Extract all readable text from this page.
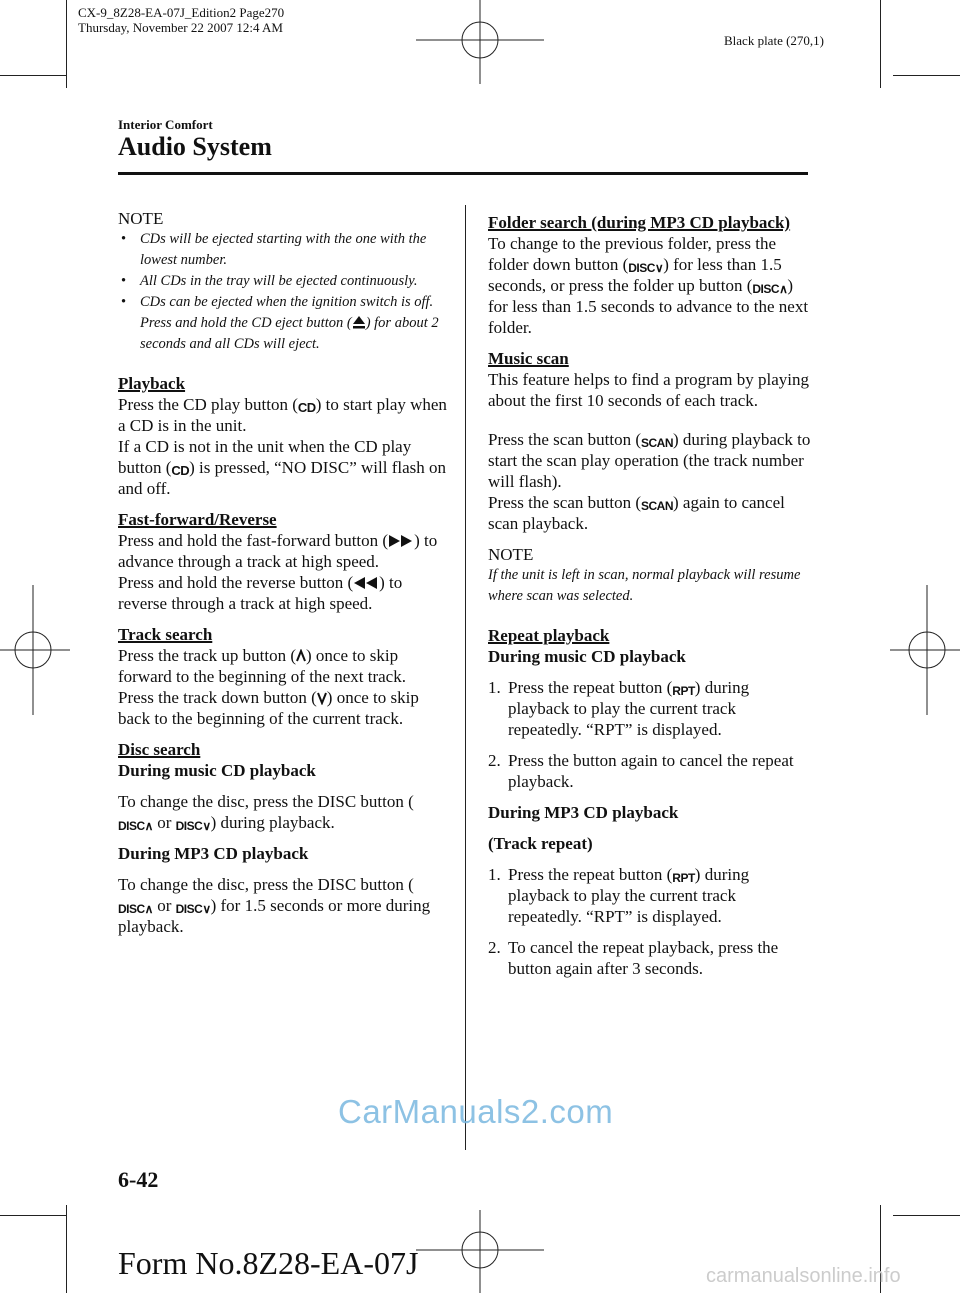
CX-9_8Z28-EA-07J_Edition2 Page270
Thursday, November 22 2007 12:4 AM
Black plate (270,1)
Interior Comfort
Audio System

NOTE

• CDs will be ejected starting with the one with the lowest number.
• All CDs in the tray will be ejected continuously.
• CDs can be ejected when the ignition switch is off. Press and hold the CD eject button ( ) for about 2 seconds and all CDs will eject.

Playback

Press the CD play button (CD) to start play when a CD is in the unit.

If a CD is not in the unit when the CD play button (CD) is pressed, “NO DISC” will flash on and off.

Fast-forward/Reverse

Press and hold the fast-forward button ( ) to advance through a track at high speed.

Press and hold the reverse button ( ) to reverse through a track at high speed.

Track search

Press the track up button ( ) once to skip forward to the beginning of the next track.

Press the track down button ( ) once to skip back to the beginning of the current track.

Disc search

During music CD playback

To change the disc, press the DISC button (DISC∧ or DISC∨) during playback.

During MP3 CD playback

To change the disc, press the DISC button (DISC∧ or DISC∨) for 1.5 seconds or more during playback.

Folder search (during MP3 CD playback)

To change to the previous folder, press the folder down button (DISC∨) for less than 1.5 seconds, or press the folder up button (DISC∧) for less than 1.5 seconds to advance to the next folder.

Music scan

This feature helps to find a program by playing about the first 10 seconds of each track.

Press the scan button (SCAN) during playback to start the scan play operation (the track number will flash).

Press the scan button (SCAN) again to cancel scan playback.

NOTE

If the unit is left in scan, normal playback will resume where scan was selected.

Repeat playback

During music CD playback

1. Press the repeat button (RPT) during playback to play the current track repeatedly. “RPT” is displayed.

2. Press the button again to cancel the repeat playback.

During MP3 CD playback

(Track repeat)

1. Press the repeat button (RPT) during playback to play the current track repeatedly. “RPT” is displayed.

2. To cancel the repeat playback, press the button again after 3 seconds.

CarManuals2.com
6-42
Form No.8Z28-EA-07J	carmanualsonline.info
